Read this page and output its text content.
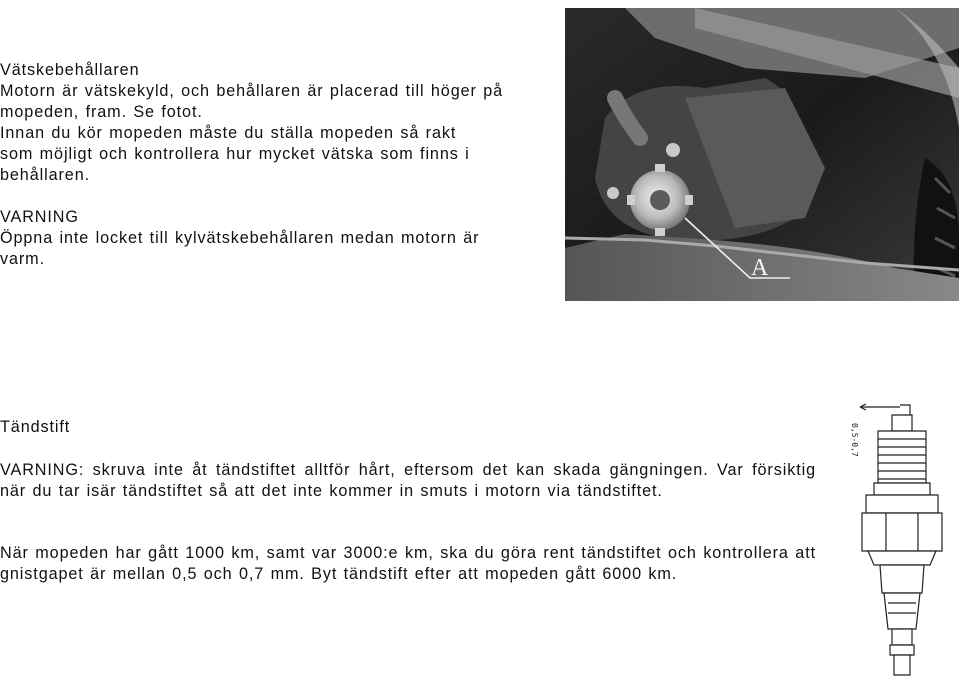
Vätskebehållaren
Motorn är vätskekyld, och behållaren är placerad till höger på
mopeden, fram. Se fotot.
Innan du kör mopeden måste du ställa mopeden så rakt
som möjligt och kontrollera hur mycket vätska som finns i
behållaren.
VARNING
Öppna inte locket till kylvätskebehållaren medan motorn är
varm.	A
Tändstift

VARNING: skruva inte åt tändstiftet alltför hårt, eftersom det kan skada gängningen. Var försiktig när du tar isär tändstiftet så att det inte kommer in smuts i motorn via tändstiftet.

När mopeden har gått 1000 km, samt var 3000:e km, ska du göra rent tändstiftet och kontrollera att gnistgapet är mellan 0,5 och 0,7 mm. Byt tändstift efter att mopeden gått 6000 km.

0,5-0,7
